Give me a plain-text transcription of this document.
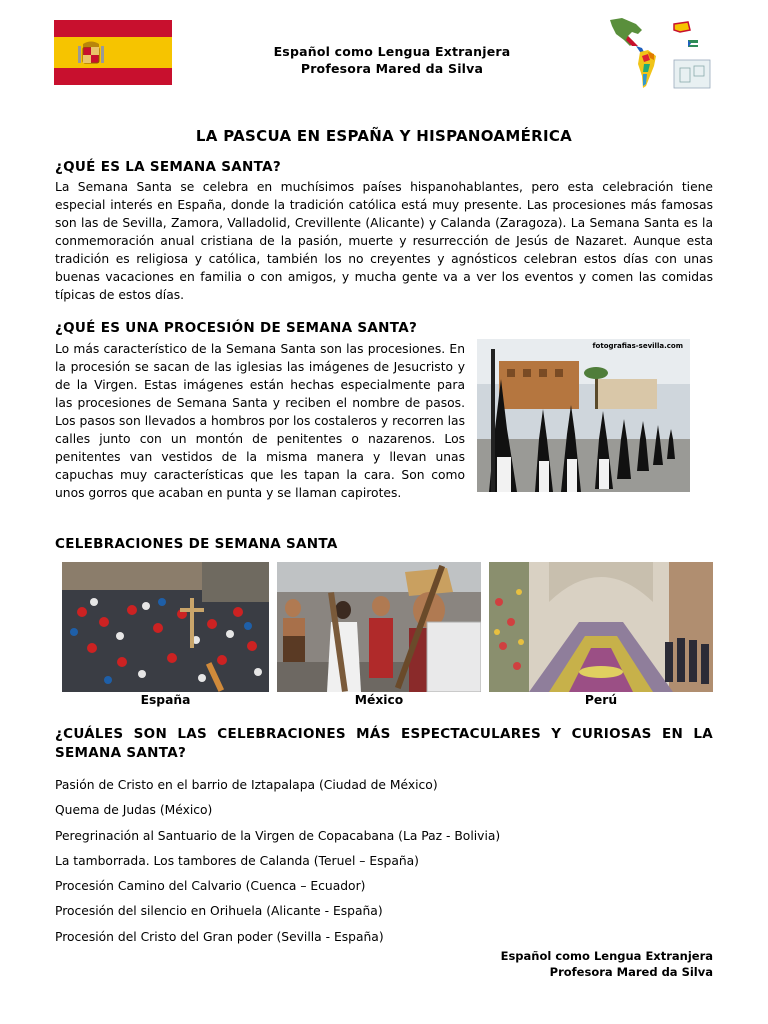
Español como Lengua Extranjera
Profesora Mared da Silva
LA PASCUA EN ESPAÑA Y HISPANOAMÉRICA
¿QUÉ ES LA SEMANA SANTA?

La Semana Santa se celebra en muchísimos países hispanohablantes, pero esta celebración tiene especial interés en España, donde la tradición católica está muy presente. Las procesiones más famosas son las de Sevilla, Zamora, Valladolid, Crevillente (Alicante) y Calanda (Zaragoza). La Semana Santa es la conmemoración anual cristiana de la pasión, muerte y resurrección de Jesús de Nazaret. Aunque esta tradición es religiosa y católica, también los no creyentes y agnósticos celebran estos días con unas buenas vacaciones en familia o con amigos, y mucha gente va a ver los eventos y comen las comidas típicas de estos días.

¿QUÉ ES UNA PROCESIÓN DE SEMANA SANTA?

Lo más característico de la Semana Santa son las procesiones. En la procesión se sacan de las iglesias las imágenes de Jesucristo y de la Virgen. Estas imágenes están hechas especialmente para las procesiones de Semana Santa y reciben el nombre de pasos. Los pasos son llevados a hombros por los costaleros y recorren las calles junto con un montón de penitentes o nazarenos. Los penitentes van vestidos de la misma manera y llevan unas capuchas muy características que les tapan la cara. Son como unos gorros que acaban en punta y se llaman capirotes.

fotografias-sevilla.com
CELEBRACIONES DE SEMANA SANTA
España	México	Perú
¿CUÁLES SON LAS CELEBRACIONES MÁS ESPECTACULARES Y CURIOSAS EN LA SEMANA SANTA?
Pasión de Cristo en el barrio de Iztapalapa (Ciudad de México)
Quema de Judas (México)
Peregrinación al Santuario de la Virgen de Copacabana (La Paz - Bolivia)
La tamborrada. Los tambores de Calanda (Teruel – España)
Procesión Camino del Calvario (Cuenca – Ecuador)
Procesión del silencio en Orihuela (Alicante - España)
Procesión del Cristo del Gran poder (Sevilla - España)
Español como Lengua Extranjera
Profesora Mared da Silva
